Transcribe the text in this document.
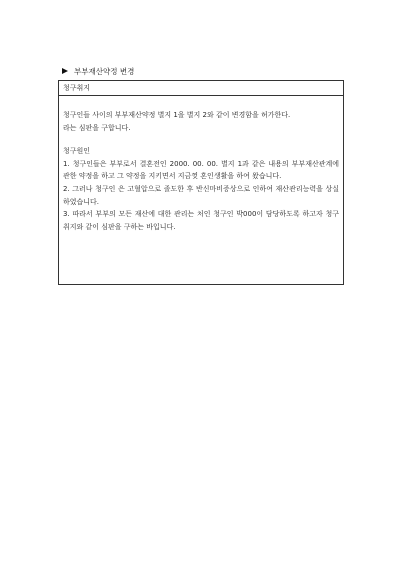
부부재산약정 변경
청구취지

청구인들 사이의 부부재산약정 별지 1을 별지 2와 같이 변경함을 허가한다.

라는 심판을 구합니다.

청구원인

1. 청구인들은 부부로서 결혼전인 2000. 00. 00. 별지 1과 같은 내용의 부부재산관계에 관한 약정을 하고 그 약정을 지키면서 지금껏 혼인생활을 하여 왔습니다.

2. 그러나 청구인 은 고혈압으로 졸도한 후 반신마비증상으로 인하여 재산관리능력을 상실하였습니다.

3. 따라서 부부의 모든 재산에 대한 관리는 처인 청구인 박000이 담당하도록 하고자 청구취지와 같이 심판을 구하는 바입니다.
